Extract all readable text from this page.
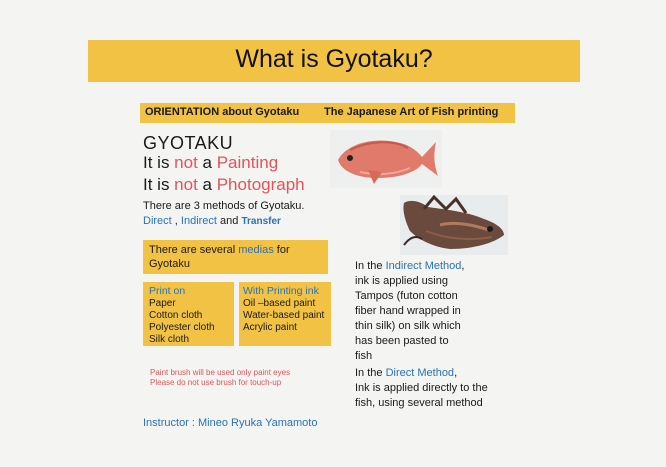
What is Gyotaku?
ORIENTATION about Gyotaku The Japanese Art of Fish printing
GYOTAKU
It is not a Painting
It is not a Photograph
There are 3 methods of Gyotaku.
Direct , Indirect and Transfer
There are several medias for
Gyotaku
Print on
Paper
Cotton cloth
Polyester cloth
Silk cloth
With Printing ink
Oil –based paint
Water-based paint
Acrylic paint
Paint brush will be used only paint eyes
Please do not use brush for touch-up
Instructor : Mineo Ryuka Yamamoto
In the Indirect Method,
ink is applied using
Tampos (futon cotton
fiber hand wrapped in
thin silk) on silk which
has been pasted to
fish
In the Direct Method,
Ink is applied directly to the
fish, using several method
